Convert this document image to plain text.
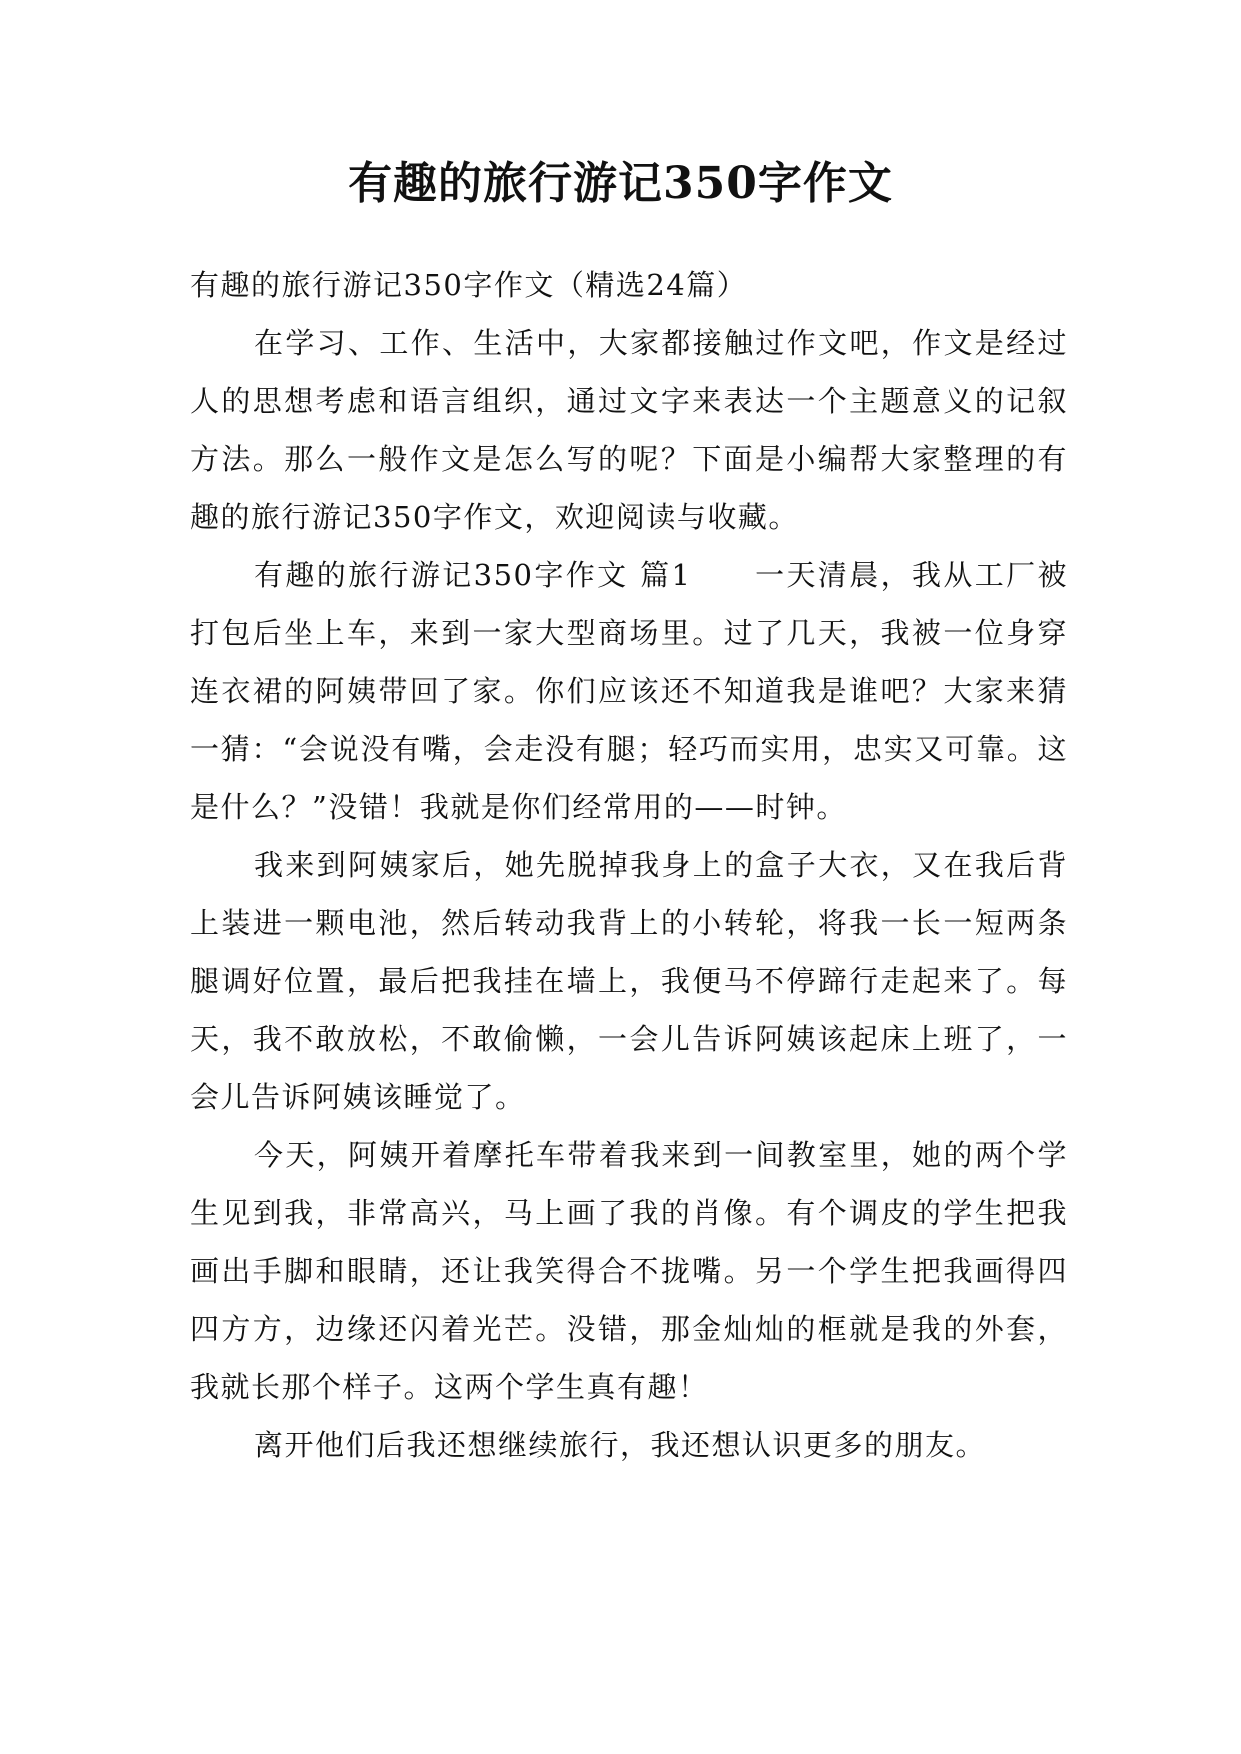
有趣的旅行游记350字作文

有趣的旅行游记350字作文（精选24篇）

在学习、工作、生活中，大家都接触过作文吧，作文是经过人的思想考虑和语言组织，通过文字来表达一个主题意义的记叙方法。那么一般作文是怎么写的呢？下面是小编帮大家整理的有趣的旅行游记350字作文，欢迎阅读与收藏。

有趣的旅行游记350字作文 篇1　　一天清晨，我从工厂被打包后坐上车，来到一家大型商场里。过了几天，我被一位身穿连衣裙的阿姨带回了家。你们应该还不知道我是谁吧？大家来猜一猜：“会说没有嘴，会走没有腿；轻巧而实用，忠实又可靠。这是什么？”没错！我就是你们经常用的——时钟。

我来到阿姨家后，她先脱掉我身上的盒子大衣，又在我后背上装进一颗电池，然后转动我背上的小转轮，将我一长一短两条腿调好位置，最后把我挂在墙上，我便马不停蹄行走起来了。每天，我不敢放松，不敢偷懒，一会儿告诉阿姨该起床上班了，一会儿告诉阿姨该睡觉了。

今天，阿姨开着摩托车带着我来到一间教室里，她的两个学生见到我，非常高兴，马上画了我的肖像。有个调皮的学生把我画出手脚和眼睛，还让我笑得合不拢嘴。另一个学生把我画得四四方方，边缘还闪着光芒。没错，那金灿灿的框就是我的外套，我就长那个样子。这两个学生真有趣！

离开他们后我还想继续旅行，我还想认识更多的朋友。
